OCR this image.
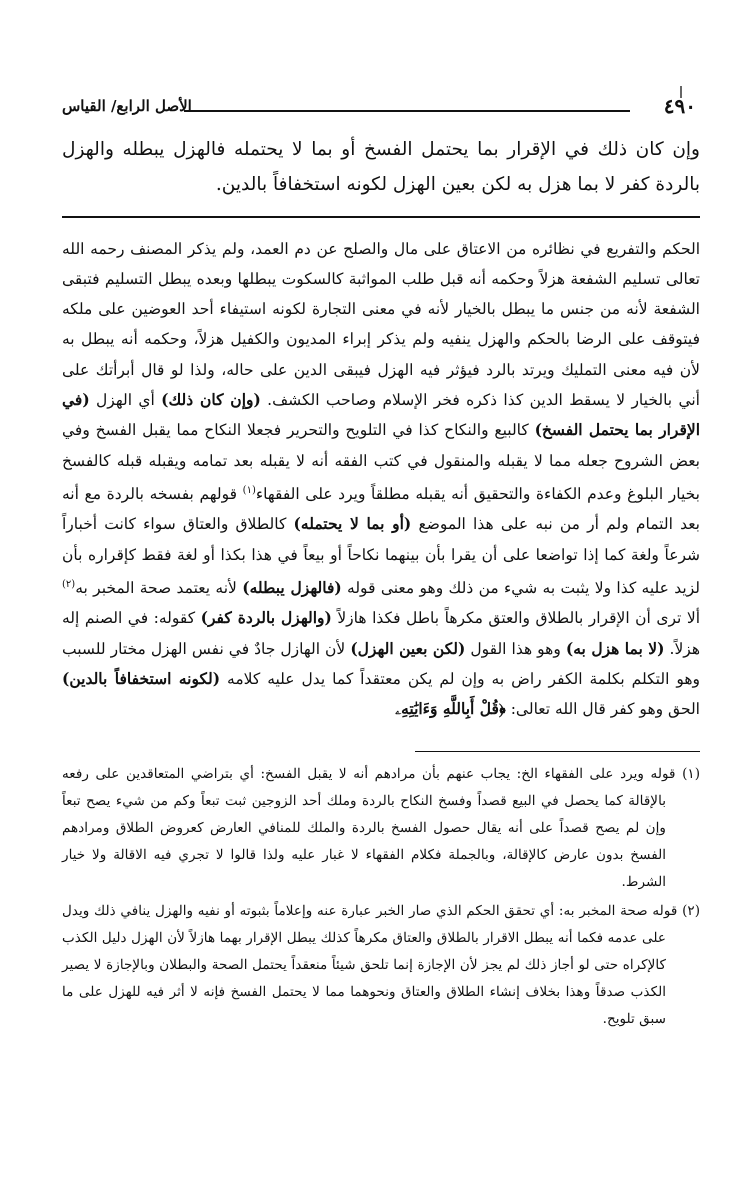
٤٩٠
الأصل الرابع/ القياس

وإن كان ذلك في الإقرار بما يحتمل الفسخ أو بما لا يحتمله فالهزل يبطله والهزل بالردة كفر لا بما هزل به لكن بعين الهزل لكونه استخفافاً بالدين.

الحكم والتفريع في نظائره من الاعتاق على مال والصلح عن دم العمد، ولم يذكر المصنف رحمه الله تعالى تسليم الشفعة هزلاً وحكمه أنه قبل طلب المواثبة كالسكوت يبطلها وبعده يبطل التسليم فتبقى الشفعة لأنه من جنس ما يبطل بالخيار لأنه في معنى التجارة لكونه استيفاء أحد العوضين على ملكه فيتوقف على الرضا بالحكم والهزل ينفيه ولم يذكر إبراء المديون والكفيل هزلاً، وحكمه أنه يبطل به لأن فيه معنى التمليك ويرتد بالرد فيؤثر فيه الهزل فيبقى الدين على حاله، ولذا لو قال أبرأتك على أني بالخيار لا يسقط الدين كذا ذكره فخر الإسلام وصاحب الكشف. (وإن كان ذلك) أي الهزل (في الإقرار بما يحتمل الفسخ) كالبيع والنكاح كذا في التلويح والتحرير فجعلا النكاح مما يقبل الفسخ وفي بعض الشروح جعله مما لا يقبله والمنقول في كتب الفقه أنه لا يقبله بعد تمامه ويقبله قبله كالفسخ بخيار البلوغ وعدم الكفاءة والتحقيق أنه يقبله مطلقاً ويرد على الفقهاء$^{(١)}$ قولهم بفسخه بالردة مع أنه بعد التمام ولم أر من نبه على هذا الموضع (أو بما لا يحتمله) كالطلاق والعتاق سواء كانت أخباراً شرعاً ولغة كما إذا تواضعا على أن يقرا بأن بينهما نكاحاً أو بيعاً في هذا بكذا أو لغة فقط كإقراره بأن لزيد عليه كذا ولا يثبت به شيء من ذلك وهو معنى قوله (فالهزل يبطله) لأنه يعتمد صحة المخبر به$^{(٢)}$ ألا ترى أن الإقرار بالطلاق والعتق مكرهاً باطل فكذا هازلاً (والهزل بالردة كفر) كقوله: في الصنم إله هزلاً. (لا بما هزل به) وهو هذا القول (لكن بعين الهزل) لأن الهازل جادٌ في نفس الهزل مختار للسبب وهو التكلم بكلمة الكفر راض به وإن لم يكن معتقداً كما يدل عليه كلامه (لكونه استخفافاً بالدين) الحق وهو كفر قال الله تعالى: ﴿قُلْ أَبِاللَّهِ وَءَايَٰتِهِۦ

(١) قوله ويرد على الفقهاء الخ: يجاب عنهم بأن مرادهم أنه لا يقبل الفسخ: أي بتراضي المتعاقدين على رفعه بالإقالة كما يحصل في البيع قصداً وفسخ النكاح بالردة وملك أحد الزوجين ثبت تبعاً وكم من شيء يصح تبعاً وإن لم يصح قصداً على أنه يقال حصول الفسخ بالردة والملك للمنافي العارض كعروض الطلاق ومرادهم الفسخ بدون عارض كالإقالة، وبالجملة فكلام الفقهاء لا غبار عليه ولذا قالوا لا تجري فيه الاقالة ولا خيار الشرط.

(٢) قوله صحة المخبر به: أي تحقق الحكم الذي صار الخبر عبارة عنه وإعلاماً بثبوته أو نفيه والهزل ينافي ذلك ويدل على عدمه فكما أنه يبطل الاقرار بالطلاق والعتاق مكرهاً كذلك يبطل الإقرار بهما هازلاً لأن الهزل دليل الكذب كالإكراه حتى لو أجاز ذلك لم يجز لأن الإجازة إنما تلحق شيئاً منعقداً يحتمل الصحة والبطلان وبالإجازة لا يصير الكذب صدقاً وهذا بخلاف إنشاء الطلاق والعتاق ونحوهما مما لا يحتمل الفسخ فإنه لا أثر فيه للهزل على ما سبق تلويح.
